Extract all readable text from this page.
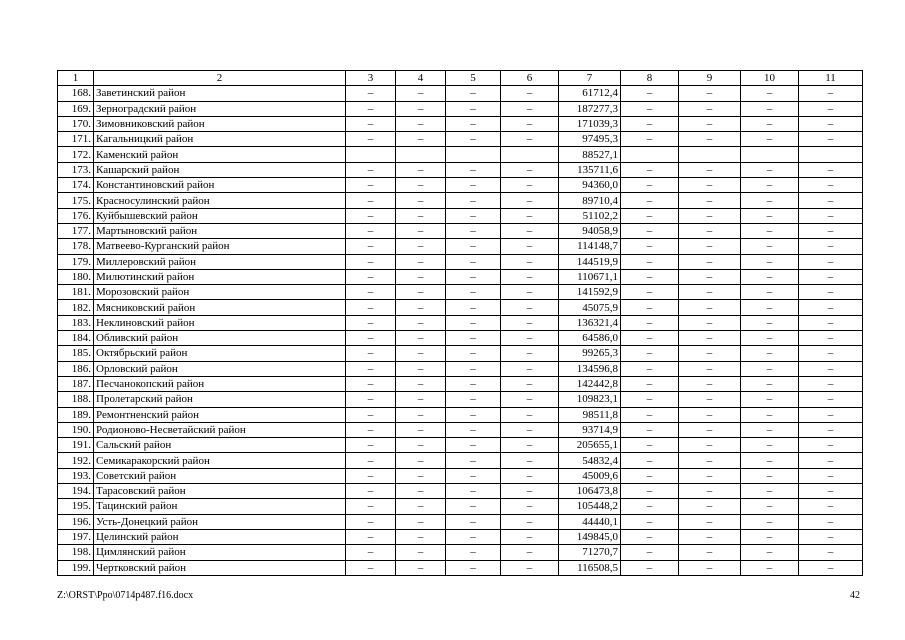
1	2	3	4	5	6	7	8	9	10	11
168.	Заветинский район	–	–	–	–	61712,4	–	–	–	–
169.	Зерноградский район	–	–	–	–	187277,3	–	–	–	–
170.	Зимовниковский район	–	–	–	–	171039,3	–	–	–	–
171.	Кагальницкий район	–	–	–	–	97495,3	–	–	–	–
172.	Каменский район					88527,1				
173.	Кашарский район	–	–	–	–	135711,6	–	–	–	–
174.	Константиновский район	–	–	–	–	94360,0	–	–	–	–
175.	Красносулинский район	–	–	–	–	89710,4	–	–	–	–
176.	Куйбышевский район	–	–	–	–	51102,2	–	–	–	–
177.	Мартыновский район	–	–	–	–	94058,9	–	–	–	–
178.	Матвеево-Курганский район	–	–	–	–	114148,7	–	–	–	–
179.	Миллеровский район	–	–	–	–	144519,9	–	–	–	–
180.	Милютинский район	–	–	–	–	110671,1	–	–	–	–
181.	Морозовский район	–	–	–	–	141592,9	–	–	–	–
182.	Мясниковский район	–	–	–	–	45075,9	–	–	–	–
183.	Неклиновский район	–	–	–	–	136321,4	–	–	–	–
184.	Обливский район	–	–	–	–	64586,0	–	–	–	–
185.	Октябрьский район	–	–	–	–	99265,3	–	–	–	–
186.	Орловский район	–	–	–	–	134596,8	–	–	–	–
187.	Песчанокопский район	–	–	–	–	142442,8	–	–	–	–
188.	Пролетарский район	–	–	–	–	109823,1	–	–	–	–
189.	Ремонтненский район	–	–	–	–	98511,8	–	–	–	–
190.	Родионово-Несветайский район	–	–	–	–	93714,9	–	–	–	–
191.	Сальский район	–	–	–	–	205655,1	–	–	–	–
192.	Семикаракорский район	–	–	–	–	54832,4	–	–	–	–
193.	Советский район	–	–	–	–	45009,6	–	–	–	–
194.	Тарасовский район	–	–	–	–	106473,8	–	–	–	–
195.	Тацинский район	–	–	–	–	105448,2	–	–	–	–
196.	Усть-Донецкий район	–	–	–	–	44440,1	–	–	–	–
197.	Целинский район	–	–	–	–	149845,0	–	–	–	–
198.	Цимлянский район	–	–	–	–	71270,7	–	–	–	–
199.	Чертковский район	–	–	–	–	116508,5	–	–	–	–
Z:\ORST\Ppo\0714p487.f16.docx	42
